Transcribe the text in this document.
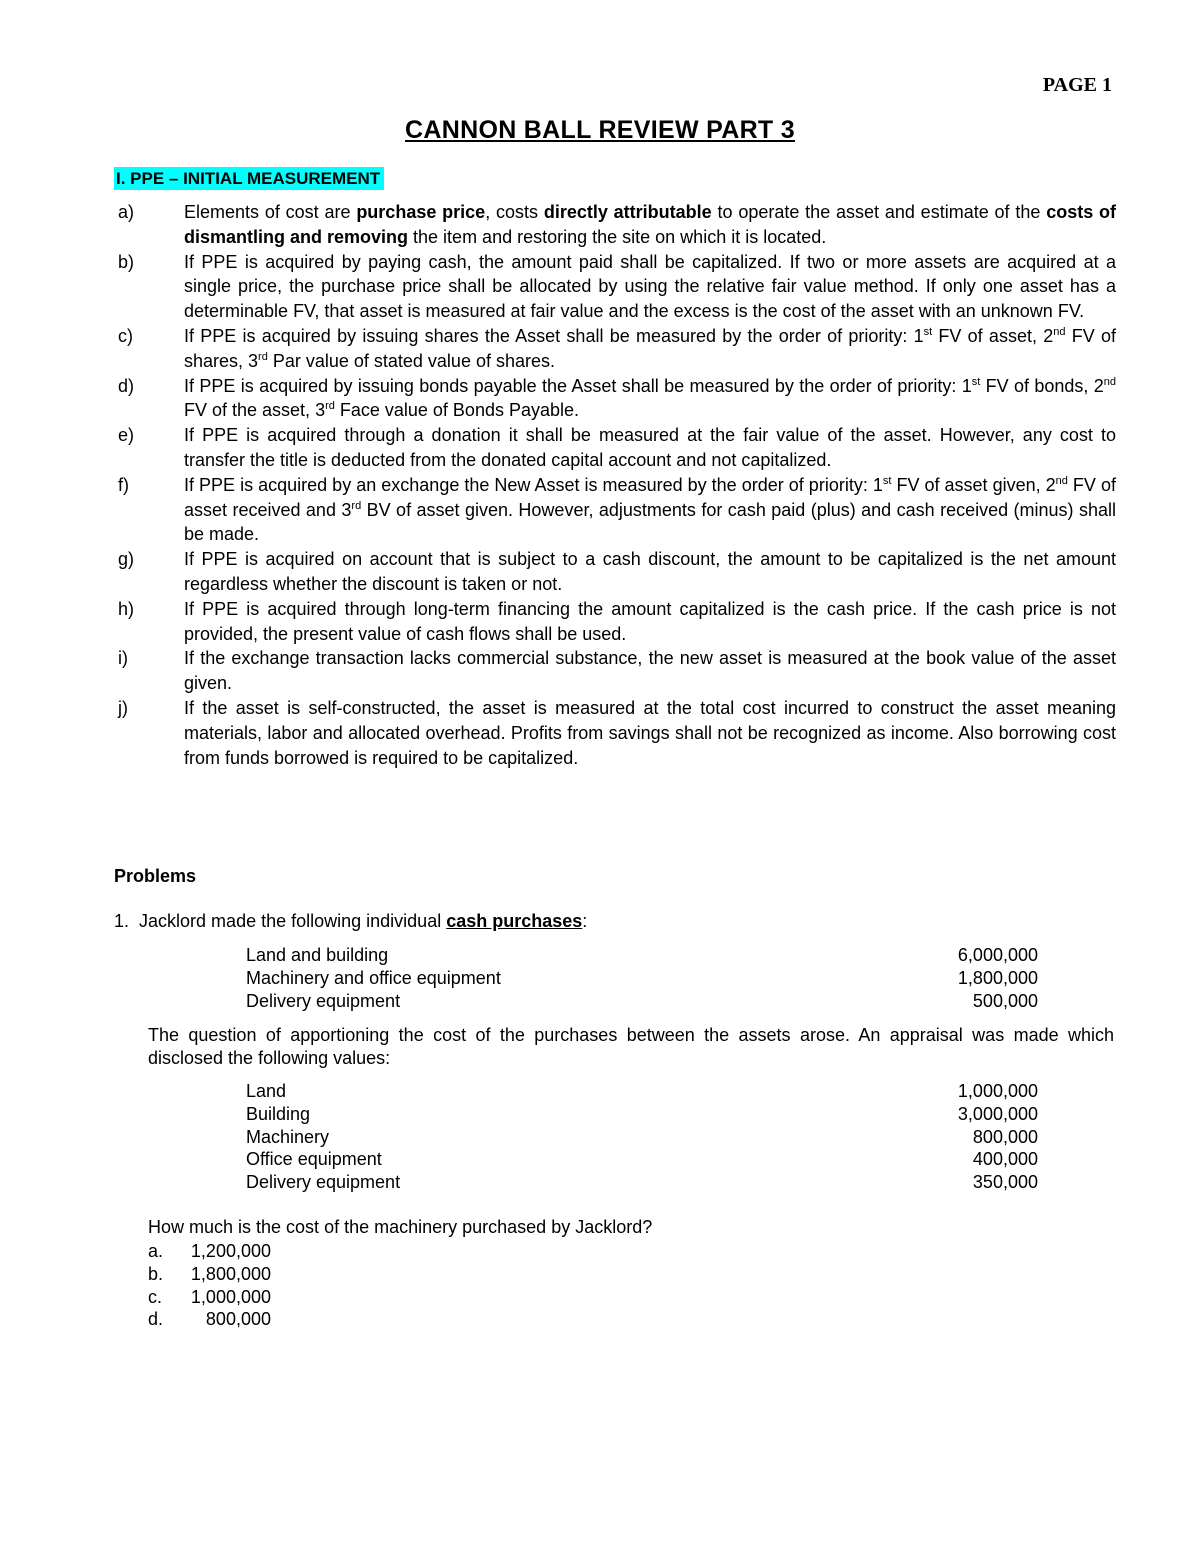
PAGE 1
CANNON BALL REVIEW PART 3
I. PPE – INITIAL MEASUREMENT
a)	Elements of cost are purchase price, costs directly attributable to operate the asset and estimate of the costs of dismantling and removing the item and restoring the site on which it is located.
b)	If PPE is acquired by paying cash, the amount paid shall be capitalized. If two or more assets are acquired at a single price, the purchase price shall be allocated by using the relative fair value method. If only one asset has a determinable FV, that asset is measured at fair value and the excess is the cost of the asset with an unknown FV.
c)	If PPE is acquired by issuing shares the Asset shall be measured by the order of priority: 1st FV of asset, 2nd FV of shares, 3rd Par value of stated value of shares.
d)	If PPE is acquired by issuing bonds payable the Asset shall be measured by the order of priority: 1st FV of bonds, 2nd FV of the asset, 3rd Face value of Bonds Payable.
e)	If PPE is acquired through a donation it shall be measured at the fair value of the asset. However, any cost to transfer the title is deducted from the donated capital account and not capitalized.
f)	If PPE is acquired by an exchange the New Asset is measured by the order of priority: 1st FV of asset given, 2nd FV of asset received and 3rd BV of asset given. However, adjustments for cash paid (plus) and cash received (minus) shall be made.
g)	If PPE is acquired on account that is subject to a cash discount, the amount to be capitalized is the net amount regardless whether the discount is taken or not.
h)	If PPE is acquired through long-term financing the amount capitalized is the cash price. If the cash price is not provided, the present value of cash flows shall be used.
i)	If the exchange transaction lacks commercial substance, the new asset is measured at the book value of the asset given.
j)	If the asset is self-constructed, the asset is measured at the total cost incurred to construct the asset meaning materials, labor and allocated overhead. Profits from savings shall not be recognized as income. Also borrowing cost from funds borrowed is required to be capitalized.
Problems
1. Jacklord made the following individual cash purchases:
Land and building	6,000,000
Machinery and office equipment	1,800,000
Delivery equipment	500,000
The question of apportioning the cost of the purchases between the assets arose. An appraisal was made which disclosed the following values:
Land	1,000,000
Building	3,000,000
Machinery	800,000
Office equipment	400,000
Delivery equipment	350,000
How much is the cost of the machinery purchased by Jacklord?
a.	1,200,000
b.	1,800,000
c.	1,000,000
d.	800,000
